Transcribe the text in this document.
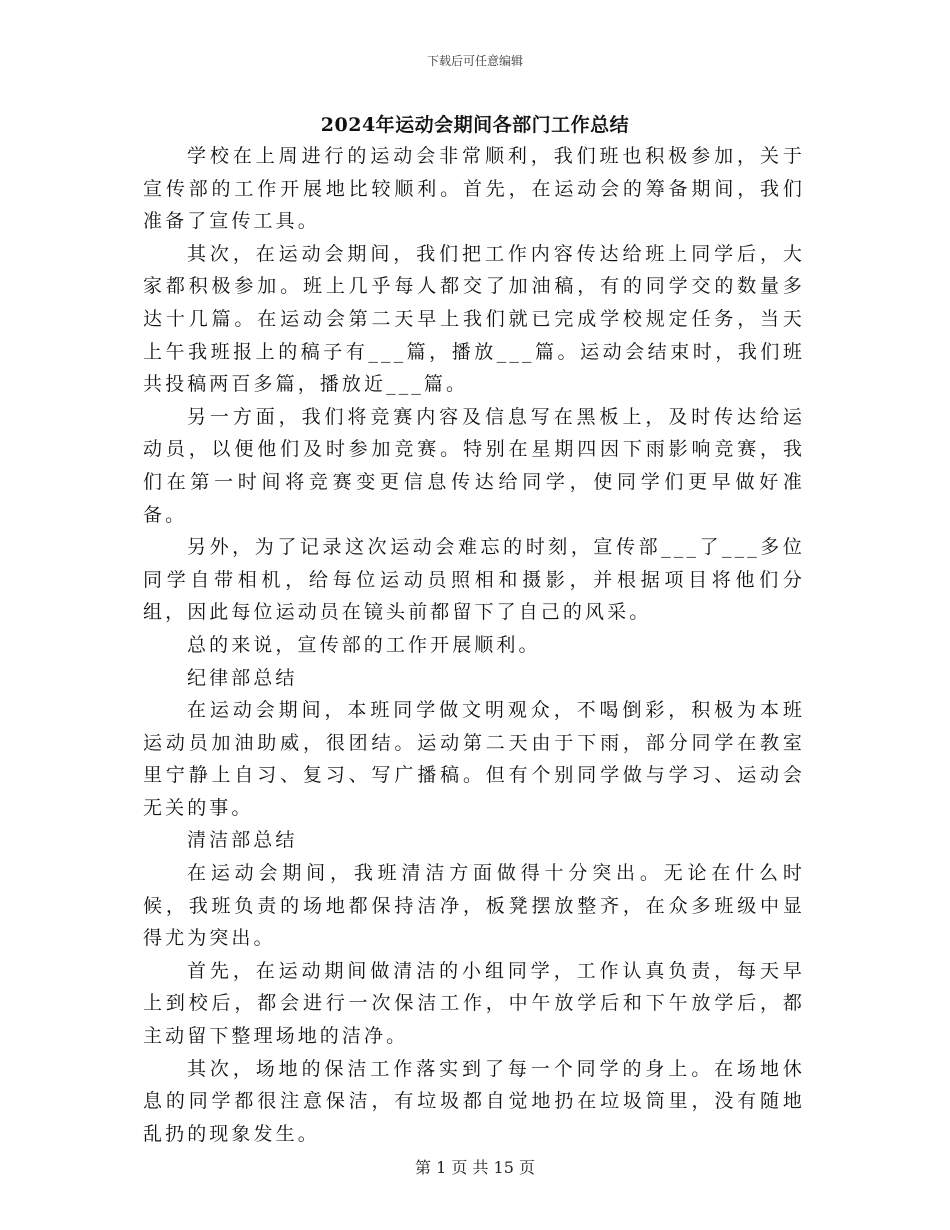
下载后可任意编辑
2024年运动会期间各部门工作总结

学校在上周进行的运动会非常顺利，我们班也积极参加，关于宣传部的工作开展地比较顺利。首先，在运动会的筹备期间，我们准备了宣传工具。

其次，在运动会期间，我们把工作内容传达给班上同学后，大家都积极参加。班上几乎每人都交了加油稿，有的同学交的数量多达十几篇。在运动会第二天早上我们就已完成学校规定任务，当天上午我班报上的稿子有___篇，播放___篇。运动会结束时，我们班共投稿两百多篇，播放近___篇。

另一方面，我们将竞赛内容及信息写在黑板上，及时传达给运动员，以便他们及时参加竞赛。特别在星期四因下雨影响竞赛，我们在第一时间将竞赛变更信息传达给同学，使同学们更早做好准备。

另外，为了记录这次运动会难忘的时刻，宣传部___了___多位同学自带相机，给每位运动员照相和摄影，并根据项目将他们分组，因此每位运动员在镜头前都留下了自己的风采。

总的来说，宣传部的工作开展顺利。

纪律部总结

在运动会期间，本班同学做文明观众，不喝倒彩，积极为本班运动员加油助威，很团结。运动第二天由于下雨，部分同学在教室里宁静上自习、复习、写广播稿。但有个别同学做与学习、运动会无关的事。

清洁部总结

在运动会期间，我班清洁方面做得十分突出。无论在什么时候，我班负责的场地都保持洁净，板凳摆放整齐，在众多班级中显得尤为突出。

首先，在运动期间做清洁的小组同学，工作认真负责，每天早上到校后，都会进行一次保洁工作，中午放学后和下午放学后，都主动留下整理场地的洁净。

其次，场地的保洁工作落实到了每一个同学的身上。在场地休息的同学都很注意保洁，有垃圾都自觉地扔在垃圾筒里，没有随地乱扔的现象发生。

第 1 页 共 15 页
